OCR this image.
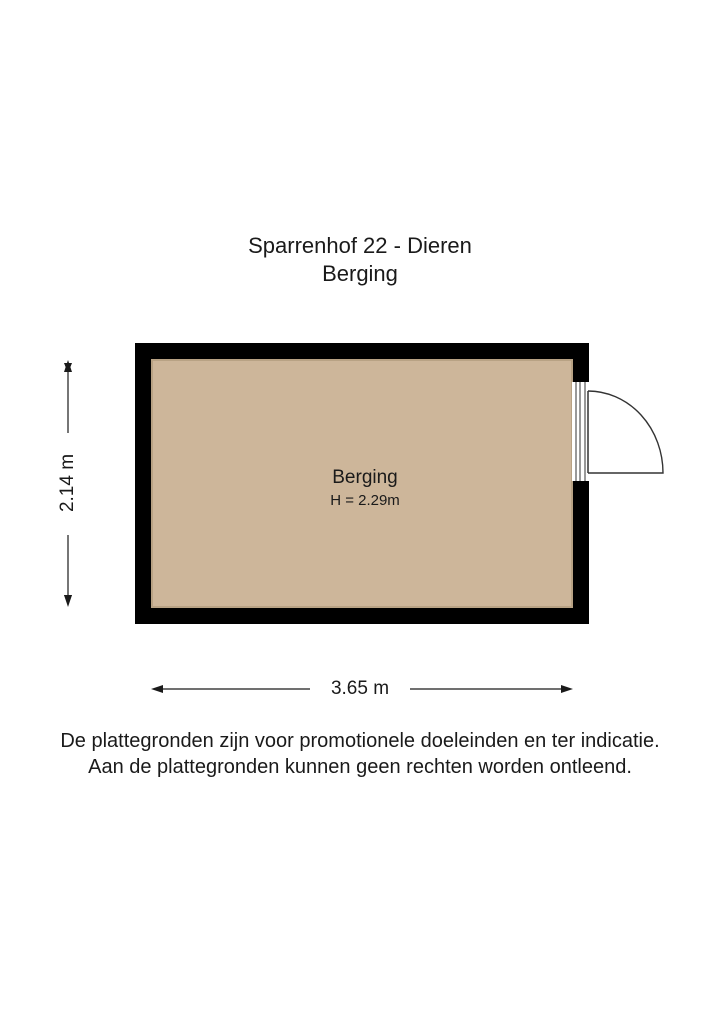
Sparrenhof 22 - Dieren
Berging
Berging
H = 2.29m
3.65 m
2.14 m
De plattegronden zijn voor promotionele doeleinden en ter indicatie.
Aan de plattegronden kunnen geen rechten worden ontleend.
